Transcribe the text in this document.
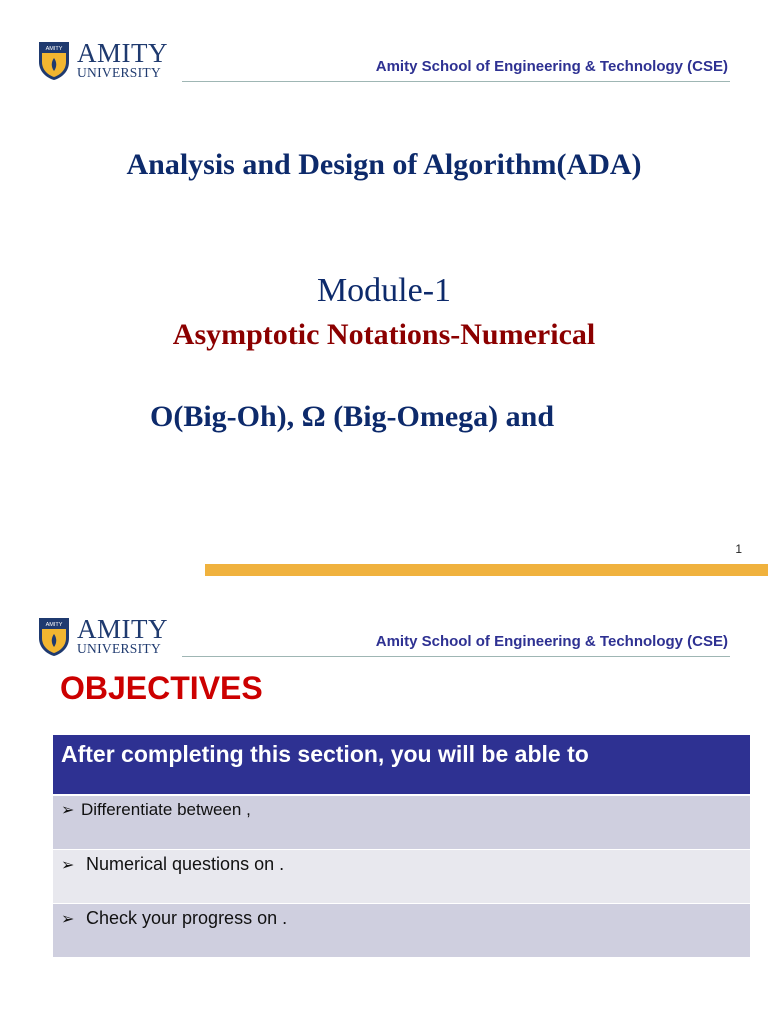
AMITY AMITY
UNIVERSITY	Amity School of Engineering & Technology (CSE)
Analysis and Design of Algorithm(ADA)
Module-1
Asymptotic Notations-Numerical
O(Big-Oh), Ω (Big-Omega) and
1
AMITY AMITY
UNIVERSITY	Amity School of Engineering & Technology (CSE)
OBJECTIVES
After completing this section, you will be able to
➢ Differentiate between ,
➢ Numerical questions on .
➢ Check your progress on .
